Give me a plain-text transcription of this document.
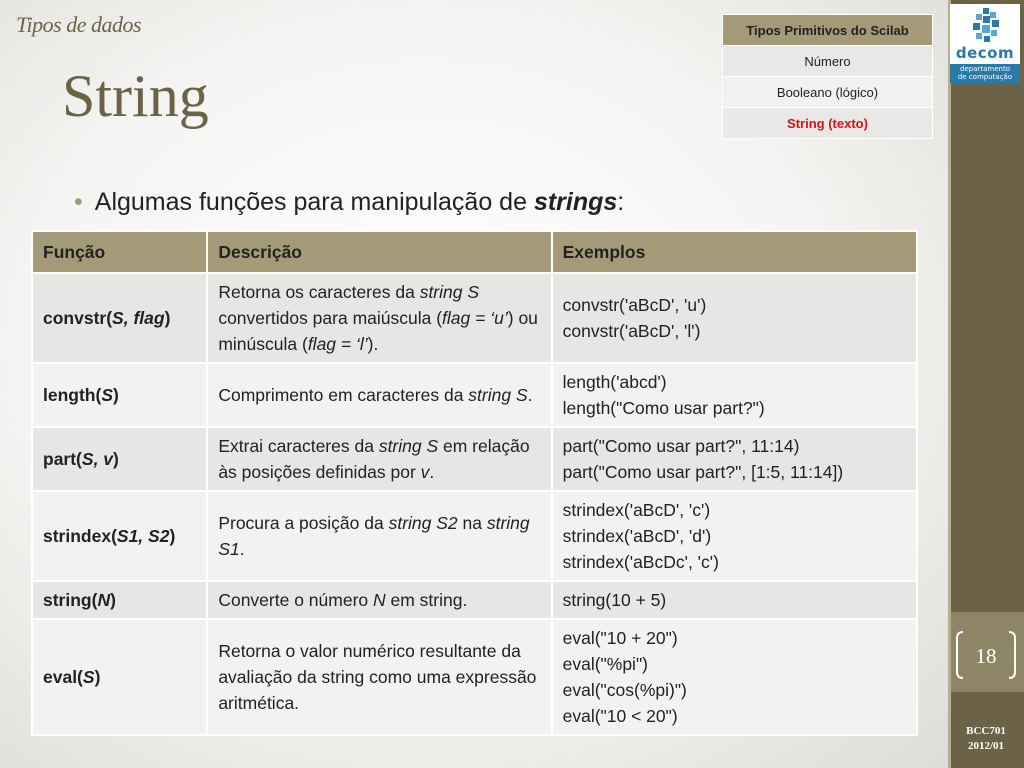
Tipos de dados
String
• Algumas funções para manipulação de strings:
Tipos Primitivos do Scilab
Número
Booleano (lógico)
String (texto)
decom
departamento
de computação
18
BCC701
2012/01
Função	Descrição	Exemplos
convstr(S, flag)	Retorna os caracteres da string S convertidos para maiúscula (flag = ‘u’) ou minúscula (flag = ‘l’).	convstr('aBcD', 'u')
convstr('aBcD', 'l')

length(S)	Comprimento em caracteres da string S.	length('abcd')
length("Como usar part?")

part(S, v)	Extrai caracteres da string S em relação às posições definidas por v.	part("Como usar part?", 11:14)
part("Como usar part?", [1:5, 11:14])

strindex(S1, S2)	Procura a posição da string S2 na string S1.	strindex('aBcD', 'c')
strindex('aBcD', 'd')
strindex('aBcDc', 'c')

string(N)	Converte o número N em string.	string(10 + 5)

eval(S)	Retorna o valor numérico resultante da avaliação da string como uma expressão aritmética.	eval("10 + 20")
eval("%pi")
eval("cos(%pi)")
eval("10 < 20")
